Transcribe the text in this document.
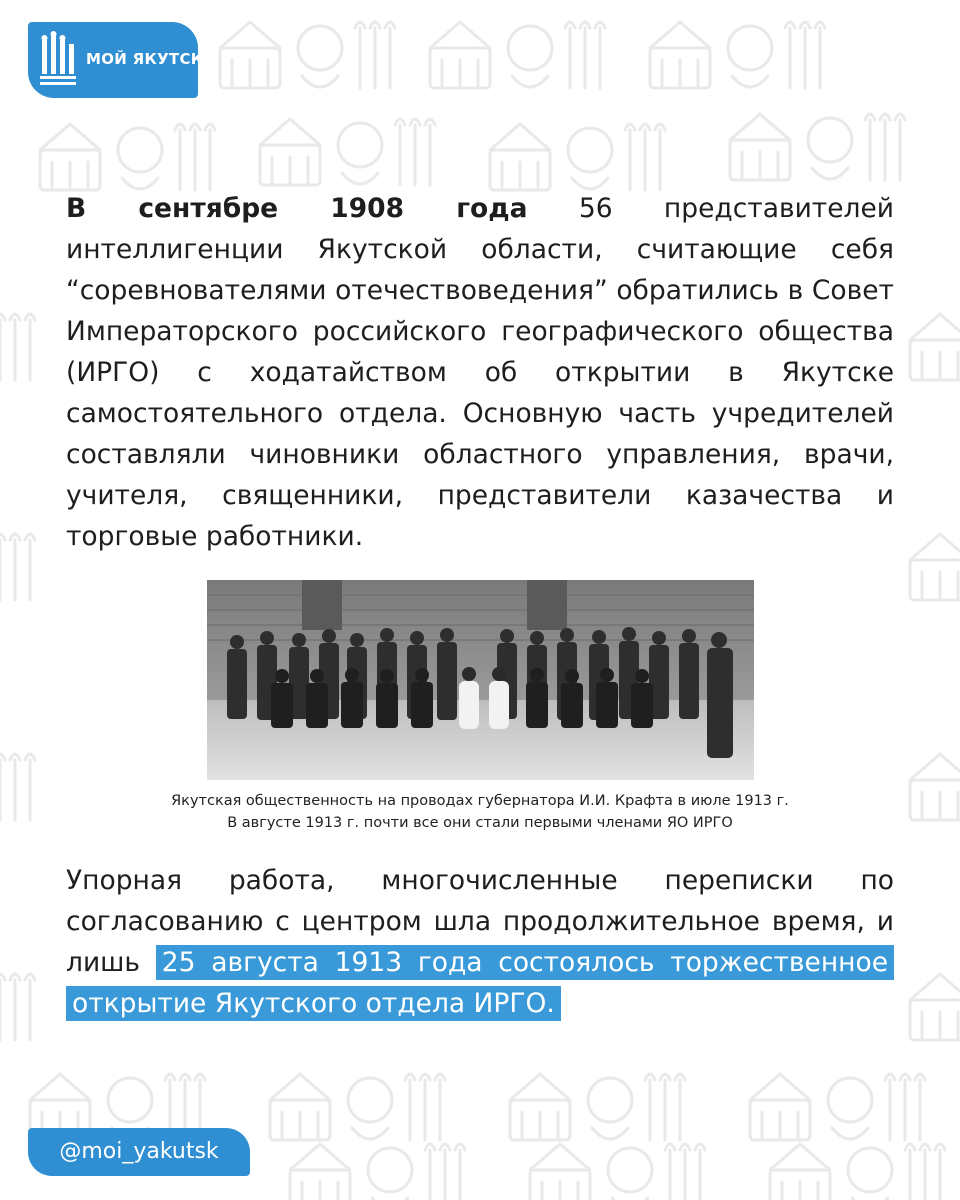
МОЙ ЯКУТСК

В сентябре 1908 года 56 представителей интеллигенции Якутской области, считающие себя “соревнователями отечествоведения” обратились в Совет Императорского российского географического общества (ИРГО) с ходатайством об открытии в Якутске самостоятельного отдела. Основную часть учредителей составляли чиновники областного управления, врачи, учителя, священники, представители казачества и торговые работники.

Якутская общественность на проводах губернатора И.И. Крафта в июле 1913 г.
В августе 1913 г. почти все они стали первыми членами ЯО ИРГО

Упорная работа, многочисленные переписки по согласованию с центром шла продолжительное время, и лишь 25 августа 1913 года состоялось торжественное открытие Якутского отдела ИРГО.

@moi_yakutsk
